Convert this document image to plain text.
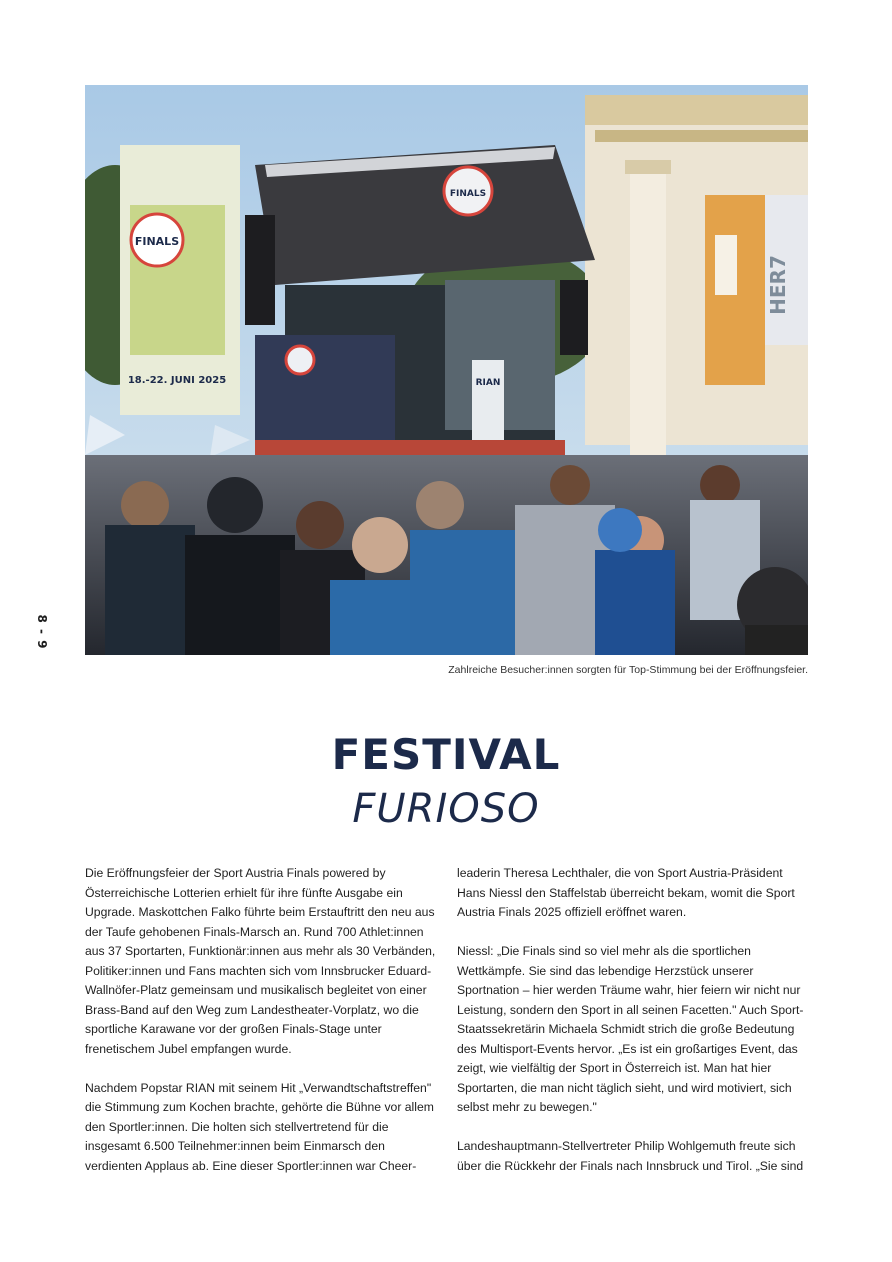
8 - 9
HER7
RIAN
FINALS
FINALS
18.-22. JUNI 2025
Zahlreiche Besucher:innen sorgten für Top-Stimmung bei der Eröffnungsfeier.
FESTIVAL
FURIOSO

Die Eröffnungsfeier der Sport Austria Finals powered by Österreichische Lotterien erhielt für ihre fünfte Ausgabe ein Upgrade. Maskottchen Falko führte beim Erstauftritt den neu aus der Taufe gehobenen Finals-Marsch an. Rund 700 Athlet:innen aus 37 Sportarten, Funktionär:innen aus mehr als 30 Verbänden, Politiker:innen und Fans machten sich vom Innsbrucker Eduard-Wallnöfer-Platz gemeinsam und musikalisch begleitet von einer Brass-Band auf den Weg zum Landestheater-Vorplatz, wo die sportliche Karawane vor der großen Finals-Stage unter frenetischem Jubel empfangen wurde.

Nachdem Popstar RIAN mit seinem Hit „Verwandtschaftstreffen" die Stimmung zum Kochen brachte, gehörte die Bühne vor allem den Sportler:innen. Die holten sich stellvertretend für die insgesamt 6.500 Teilnehmer:innen beim Einmarsch den verdienten Applaus ab. Eine dieser Sportler:innen war Cheer-

leaderin Theresa Lechthaler, die von Sport Austria-Präsident Hans Niessl den Staffelstab überreicht bekam, womit die Sport Austria Finals 2025 offiziell eröffnet waren.

Niessl: „Die Finals sind so viel mehr als die sportlichen Wettkämpfe. Sie sind das lebendige Herzstück unserer Sportnation – hier werden Träume wahr, hier feiern wir nicht nur Leistung, sondern den Sport in all seinen Facetten." Auch Sport-Staatssekretärin Michaela Schmidt strich die große Bedeutung des Multisport-Events hervor. „Es ist ein großartiges Event, das zeigt, wie vielfältig der Sport in Österreich ist. Man hat hier Sportarten, die man nicht täglich sieht, und wird motiviert, sich selbst mehr zu bewegen."

Landeshauptmann-Stellvertreter Philip Wohlgemuth freute sich über die Rückkehr der Finals nach Innsbruck und Tirol. „Sie sind
